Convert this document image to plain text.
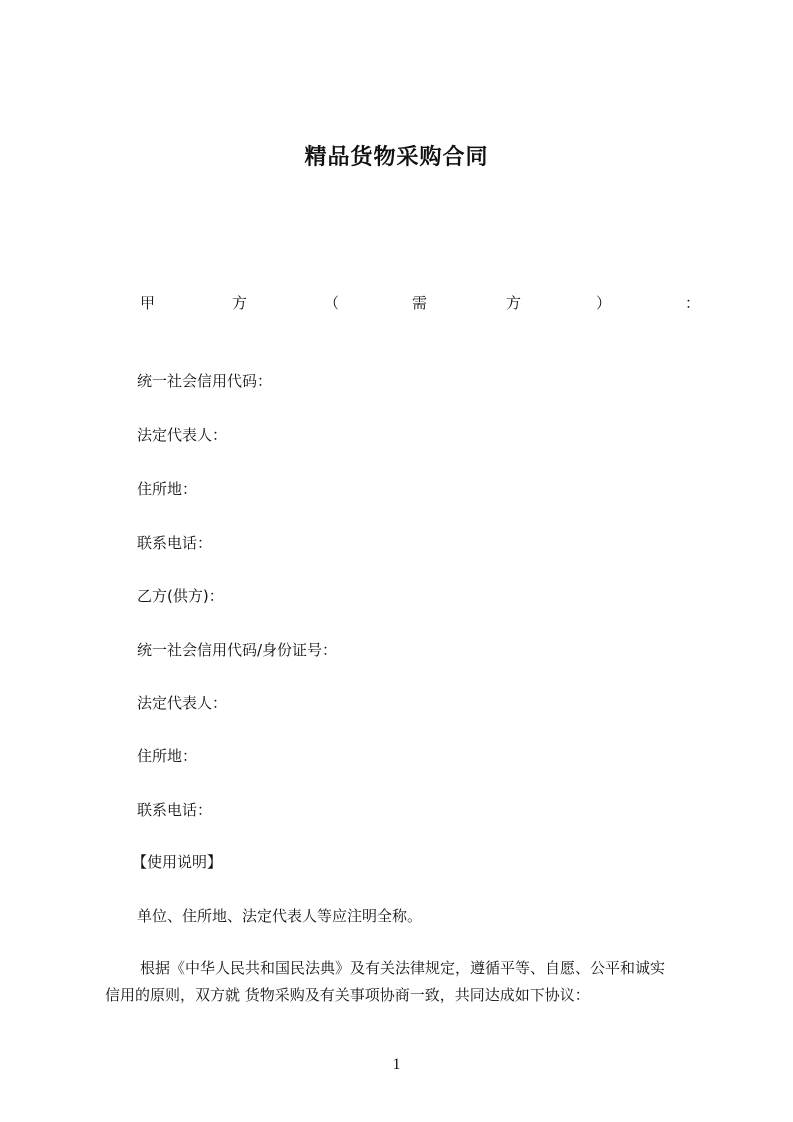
精品货物采购合同
甲	方	（	需	方	）	：
统一社会信用代码：
法定代表人：
住所地：
联系电话：
乙方(供方)：
统一社会信用代码/身份证号：
法定代表人：
住所地：
联系电话：
【使用说明】
单位、住所地、法定代表人等应注明全称。
根据《中华人民共和国民法典》及有关法律规定，遵循平等、自愿、公平和诚实
信用的原则，双方就 货物采购及有关事项协商一致，共同达成如下协议：
1
